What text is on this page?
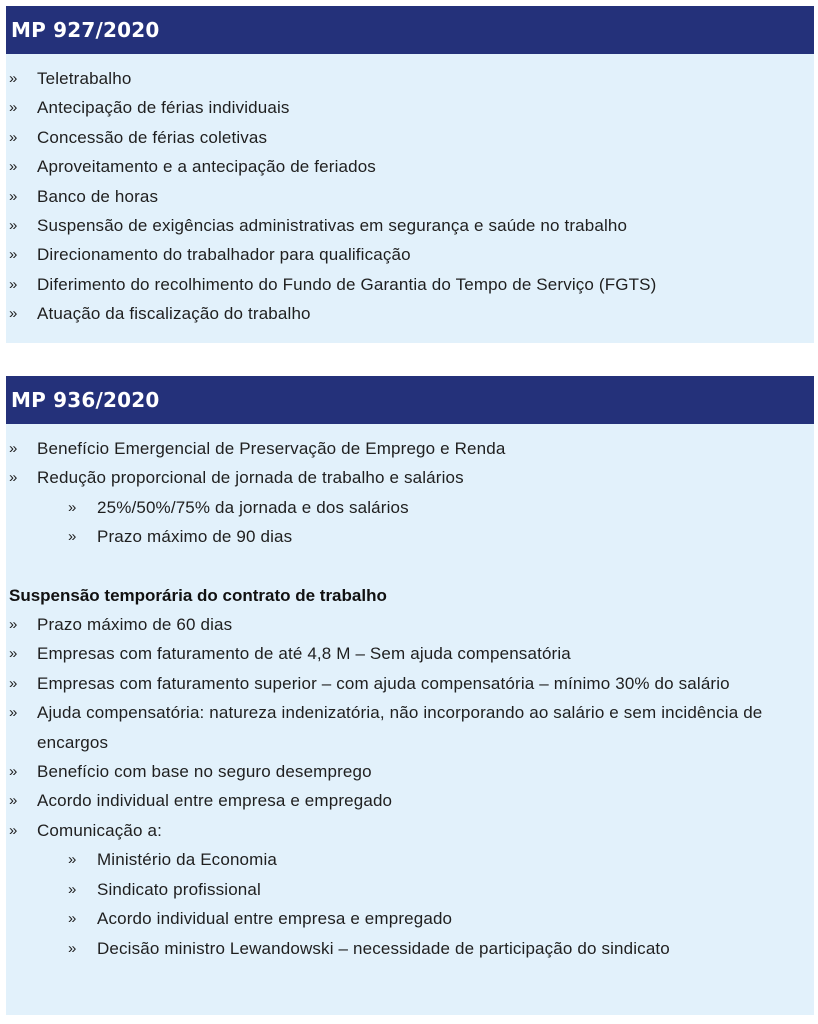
MP 927/2020
» Teletrabalho
» Antecipação de férias individuais
» Concessão de férias coletivas
» Aproveitamento e a antecipação de feriados
» Banco de horas
» Suspensão de exigências administrativas em segurança e saúde no trabalho
» Direcionamento do trabalhador para qualificação
» Diferimento do recolhimento do Fundo de Garantia do Tempo de Serviço (FGTS)
» Atuação da fiscalização do trabalho
MP 936/2020
» Benefício Emergencial de Preservação de Emprego e Renda
» Redução proporcional de jornada de trabalho e salários
» 25%/50%/75% da jornada e dos salários
» Prazo máximo de 90 dias

Suspensão temporária do contrato de trabalho

» Prazo máximo de 60 dias
» Empresas com faturamento de até 4,8 M – Sem ajuda compensatória
» Empresas com faturamento superior – com ajuda compensatória – mínimo 30% do salário
» Ajuda compensatória: natureza indenizatória, não incorporando ao salário e sem incidência de encargos
» Benefício com base no seguro desemprego
» Acordo individual entre empresa e empregado
» Comunicação a:
» Ministério da Economia
» Sindicato profissional
» Acordo individual entre empresa e empregado
» Decisão ministro Lewandowski – necessidade de participação do sindicato
